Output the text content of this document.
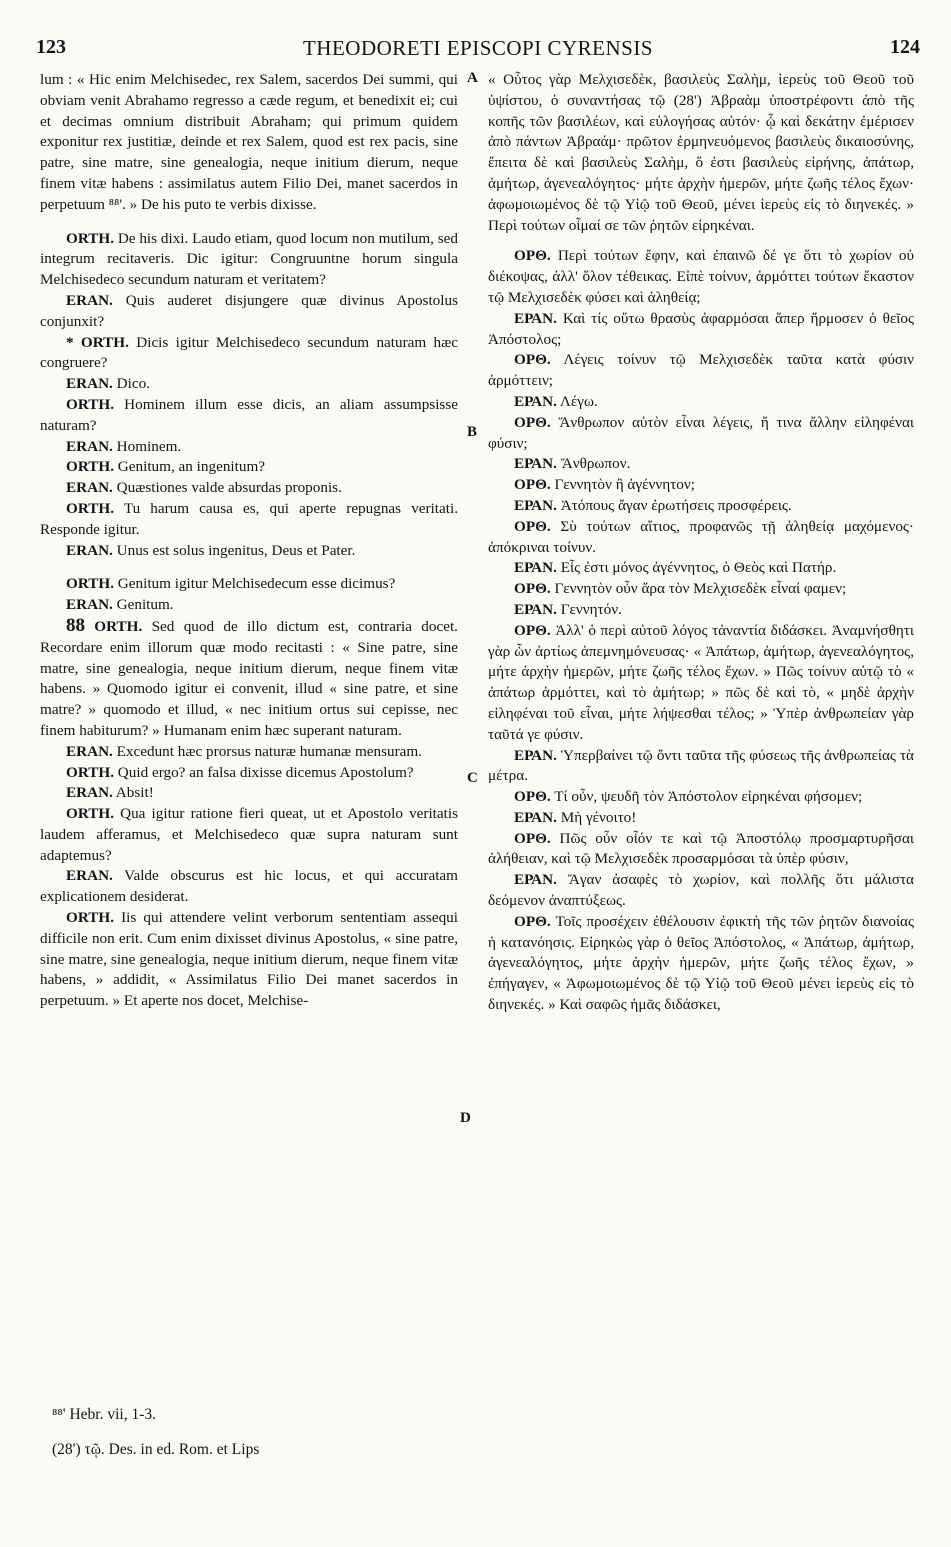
123	THEODORETI EPISCOPI CYRENSIS	124

lum : « Hic enim Melchisedec, rex Salem, sacerdos Dei summi, qui obviam venit Abrahamo regresso a cæde regum, et benedixit ei; cui et decimas omnium distribuit Abraham; qui primum quidem exponitur rex justitiæ, deinde et rex Salem, quod est rex pacis, sine patre, sine matre, sine genealogia, neque initium dierum, neque finem vitæ habens : assimilatus autem Filio Dei, manet sacerdos in perpetuum ⁸⁸'. » De his puto te verbis dixisse.

ORTH. De his dixi. Laudo etiam, quod locum non mutilum, sed integrum recitaveris. Dic igitur: Congruuntne horum singula Melchisedeco secundum naturam et veritatem?

ERAN. Quis auderet disjungere quæ divinus Apostolus conjunxit?

* ORTH. Dicis igitur Melchisedeco secundum naturam hæc congruere?

ERAN. Dico.

ORTH. Hominem illum esse dicis, an aliam assumpsisse naturam?

ERAN. Hominem.

ORTH. Genitum, an ingenitum?

ERAN. Quæstiones valde absurdas proponis.

ORTH. Tu harum causa es, qui aperte repugnas veritati. Responde igitur.

ERAN. Unus est solus ingenitus, Deus et Pater.

ORTH. Genitum igitur Melchisedecum esse dicimus?

ERAN. Genitum.

88 ORTH. Sed quod de illo dictum est, contraria docet. Recordare enim illorum quæ modo recitasti : « Sine patre, sine matre, sine genealogia, neque initium dierum, neque finem vitæ habens. » Quomodo igitur ei convenit, illud « sine patre, et sine matre? » quomodo et illud, « nec initium ortus sui cepisse, nec finem habiturum? » Humanam enim hæc superant naturam.

ERAN. Excedunt hæc prorsus naturæ humanæ mensuram.

ORTH. Quid ergo? an falsa dixisse dicemus Apostolum?

ERAN. Absit!

ORTH. Qua igitur ratione fieri queat, ut et Apostolo veritatis laudem afferamus, et Melchisedeco quæ supra naturam sunt adaptemus?

ERAN. Valde obscurus est hic locus, et qui accuratam explicationem desiderat.

ORTH. Iis qui attendere velint verborum sententiam assequi difficile non erit. Cum enim dixisset divinus Apostolus, « sine patre, sine matre, sine genealogia, neque initium dierum, neque finem vitæ habens, » addidit, « Assimilatus Filio Dei manet sacerdos in perpetuum. » Et aperte nos docet, Melchise-

« Οὗτος γὰρ Μελχισεδὲκ, βασιλεὺς Σαλὴμ, ἱερεὺς τοῦ Θεοῦ τοῦ ὑψίστου, ὁ συναντήσας τῷ (28') Ἀβραὰμ ὑποστρέφοντι ἀπὸ τῆς κοπῆς τῶν βασιλέων, καὶ εὐλογήσας αὐτόν· ᾧ καὶ δεκάτην ἐμέρισεν ἀπὸ πάντων Ἀβραάμ· πρῶτον ἑρμηνευόμενος βασιλεὺς δικαιοσύνης, ἔπειτα δὲ καὶ βασιλεὺς Σαλὴμ, ὅ ἐστι βασιλεὺς εἰρήνης, ἀπάτωρ, ἀμήτωρ, ἀγενεαλόγητος· μήτε ἀρχὴν ἡμερῶν, μήτε ζωῆς τέλος ἔχων· ἀφωμοιωμένος δὲ τῷ Υἱῷ τοῦ Θεοῦ, μένει ἱερεὺς εἰς τὸ διηνεκές. » Περὶ τούτων οἶμαί σε τῶν ῥητῶν εἰρηκέναι.

ΟΡΘ. Περὶ τούτων ἔφην, καὶ ἐπαινῶ δέ γε ὅτι τὸ χωρίον οὐ διέκοψας, ἀλλ' ὅλον τέθεικας. Εἰπὲ τοίνυν, ἁρμόττει τούτων ἕκαστον τῷ Μελχισεδὲκ φύσει καὶ ἀληθείᾳ;

ΕΡΑΝ. Καὶ τίς οὕτω θρασὺς ἀφαρμόσαι ἅπερ ἥρμοσεν ὁ θεῖος Ἀπόστολος;

ΟΡΘ. Λέγεις τοίνυν τῷ Μελχισεδὲκ ταῦτα κατὰ φύσιν ἁρμόττειν;

ΕΡΑΝ. Λέγω.

ΟΡΘ. Ἄνθρωπον αὐτὸν εἶναι λέγεις, ἤ τινα ἄλλην εἰληφέναι φύσιν;

ΕΡΑΝ. Ἄνθρωπον.

ΟΡΘ. Γεννητὸν ἢ ἀγέννητον;

ΕΡΑΝ. Ἀτόπους ἄγαν ἐρωτήσεις προσφέρεις.

ΟΡΘ. Σὺ τούτων αἴτιος, προφανῶς τῇ ἀληθείᾳ μαχόμενος· ἀπόκριναι τοίνυν.

ΕΡΑΝ. Εἷς ἐστι μόνος ἀγέννητος, ὁ Θεὸς καὶ Πατήρ.

ΟΡΘ. Γεννητὸν οὖν ἄρα τὸν Μελχισεδὲκ εἶναί φαμεν;

ΕΡΑΝ. Γεννητόν.

ΟΡΘ. Ἀλλ' ὁ περὶ αὐτοῦ λόγος τἀναντία διδάσκει. Ἀναμνήσθητι γὰρ ὧν ἀρτίως ἀπεμνημόνευσας· « Ἀπάτωρ, ἀμήτωρ, ἀγενεαλόγητος, μήτε ἀρχὴν ἡμερῶν, μήτε ζωῆς τέλος ἔχων. » Πῶς τοίνυν αὐτῷ τὸ « ἀπάτωρ ἁρμόττει, καὶ τὸ ἀμήτωρ; » πῶς δὲ καὶ τὸ, « μηδὲ ἀρχὴν εἰληφέναι τοῦ εἶναι, μήτε λήψεσθαι τέλος; » Ὑπὲρ ἀνθρωπείαν γὰρ ταῦτά γε φύσιν.

ΕΡΑΝ. Ὑπερβαίνει τῷ ὄντι ταῦτα τῆς φύσεως τῆς ἀνθρωπείας τὰ μέτρα.

ΟΡΘ. Τί οὖν, ψευδῆ τὸν Ἀπόστολον εἰρηκέναι φήσομεν;

ΕΡΑΝ. Μὴ γένοιτο!

ΟΡΘ. Πῶς οὖν οἷόν τε καὶ τῷ Ἀποστόλῳ προσμαρτυρῆσαι ἀλήθειαν, καὶ τῷ Μελχισεδὲκ προσαρμόσαι τὰ ὑπὲρ φύσιν,

ΕΡΑΝ. Ἄγαν ἀσαφὲς τὸ χωρίον, καὶ πολλῆς ὅτι μάλιστα δεόμενον ἀναπτύξεως.

ΟΡΘ. Τοῖς προσέχειν ἐθέλουσιν ἐφικτὴ τῆς τῶν ῥητῶν διανοίας ἡ κατανόησις. Εἰρηκὼς γὰρ ὁ θεῖος Ἀπόστολος, « Ἀπάτωρ, ἀμήτωρ, ἀγενεαλόγητος, μήτε ἀρχὴν ἡμερῶν, μήτε ζωῆς τέλος ἔχων, » ἐπήγαγεν, « Ἀφωμοιωμένος δὲ τῷ Υἱῷ τοῦ Θεοῦ μένει ἱερεὺς εἰς τὸ διηνεκές. » Καὶ σαφῶς ἡμᾶς διδάσκει,

A
B
C
D
⁸⁸' Hebr. vii, 1-3.
(28') τῷ. Des. in ed. Rom. et Lips
